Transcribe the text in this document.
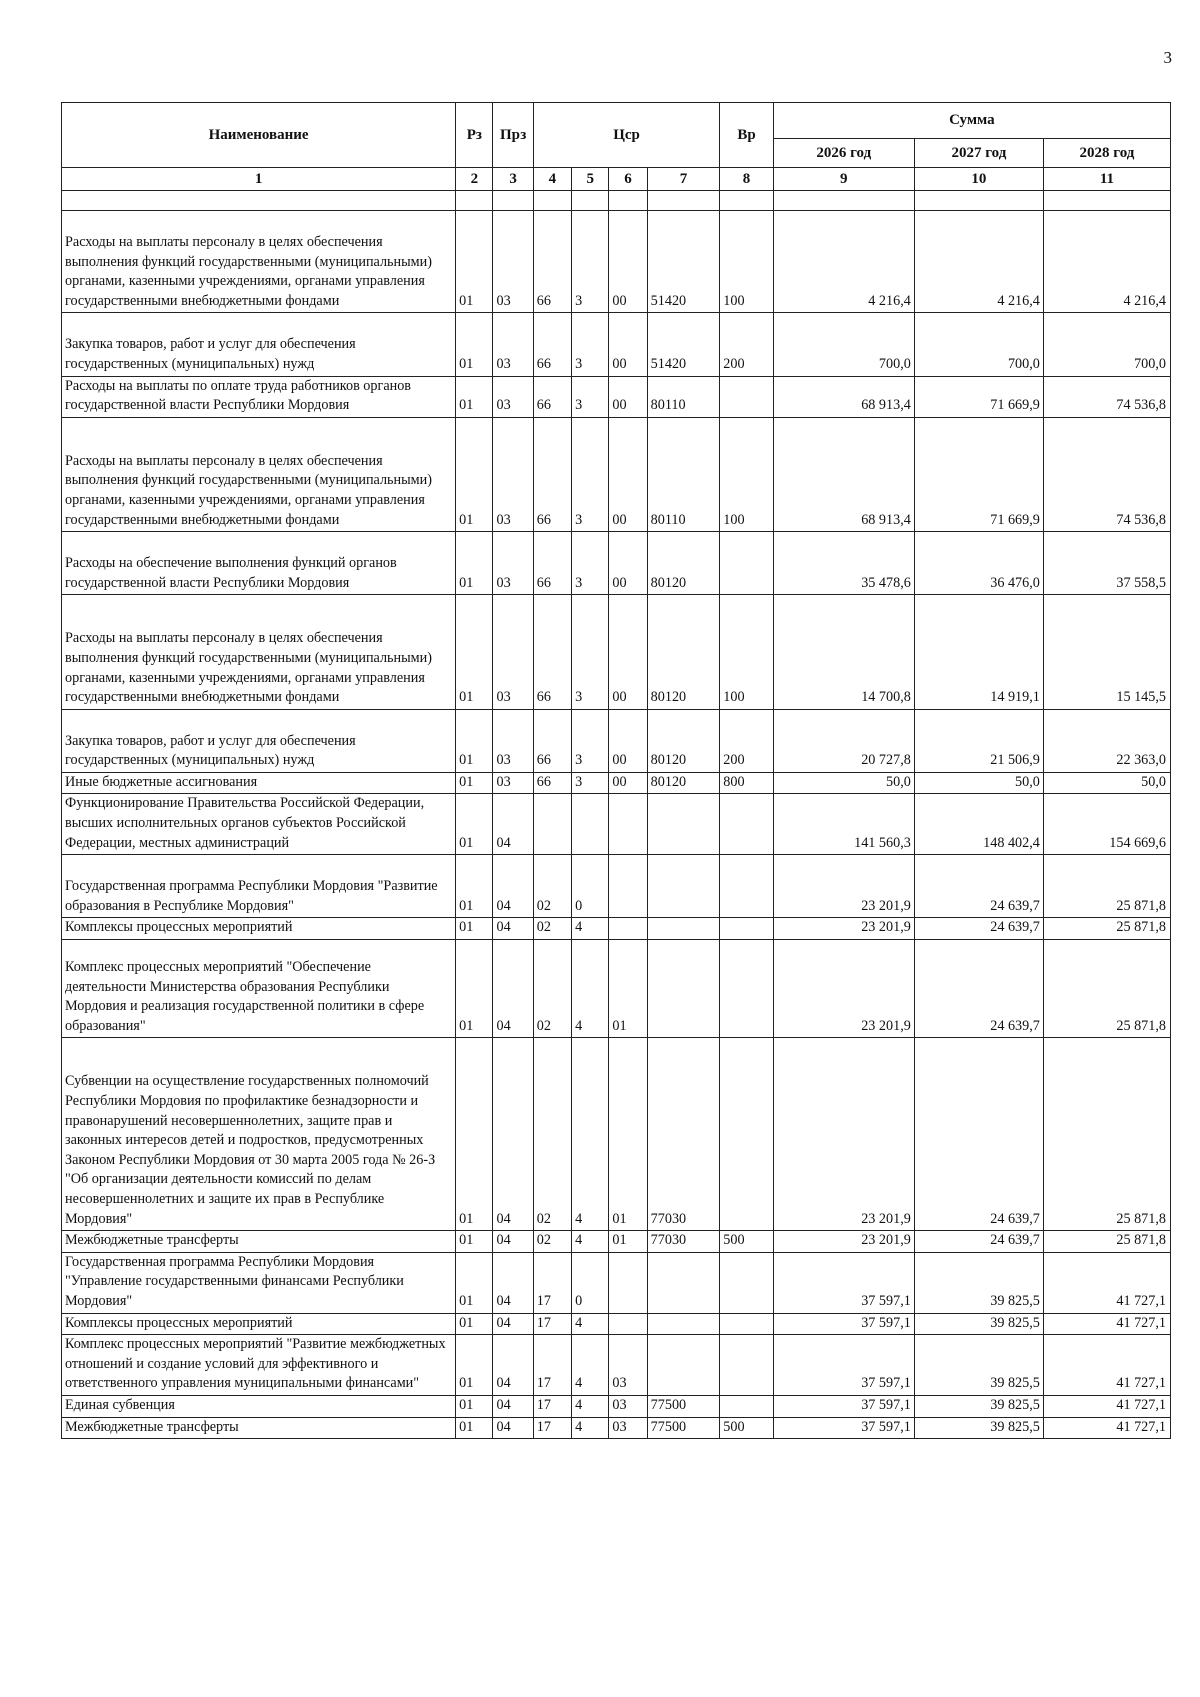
3
Наименование	Рз	Прз	Цср				Вр	Сумма		
								2026 год	2027 год	2028 год
1	2	3	4	5	6	7	8	9	10	11

Расходы на выплаты персоналу в целях обеспечения выполнения функций государственными (муниципальными) органами, казенными учреждениями, органами управления государственными внебюджетными фондами	01	03	66	3	00	51420	100	4 216,4	4 216,4	4 216,4
Закупка товаров, работ и услуг для обеспечения государственных (муниципальных) нужд	01	03	66	3	00	51420	200	700,0	700,0	700,0
Расходы на выплаты по оплате труда работников органов государственной власти Республики Мордовия	01	03	66	3	00	80110		68 913,4	71 669,9	74 536,8
Расходы на выплаты персоналу в целях обеспечения выполнения функций государственными (муниципальными) органами, казенными учреждениями, органами управления государственными внебюджетными фондами	01	03	66	3	00	80110	100	68 913,4	71 669,9	74 536,8
Расходы на обеспечение выполнения функций органов государственной власти Республики Мордовия	01	03	66	3	00	80120		35 478,6	36 476,0	37 558,5
Расходы на выплаты персоналу в целях обеспечения выполнения функций государственными (муниципальными) органами, казенными учреждениями, органами управления государственными внебюджетными фондами	01	03	66	3	00	80120	100	14 700,8	14 919,1	15 145,5
Закупка товаров, работ и услуг для обеспечения государственных (муниципальных) нужд	01	03	66	3	00	80120	200	20 727,8	21 506,9	22 363,0
Иные бюджетные ассигнования	01	03	66	3	00	80120	800	50,0	50,0	50,0
Функционирование Правительства Российской Федерации, высших исполнительных органов субъектов Российской Федерации, местных администраций	01	04						141 560,3	148 402,4	154 669,6
Государственная программа Республики Мордовия "Развитие образования в Республике Мордовия"	01	04	02	0				23 201,9	24 639,7	25 871,8
Комплексы процессных мероприятий	01	04	02	4				23 201,9	24 639,7	25 871,8
Комплекс процессных мероприятий "Обеспечение деятельности Министерства образования Республики Мордовия и реализация государственной политики в сфере образования"	01	04	02	4	01			23 201,9	24 639,7	25 871,8
Субвенции на осуществление государственных полномочий Республики Мордовия по профилактике безнадзорности и правонарушений несовершеннолетних, защите прав и законных интересов детей и подростков, предусмотренных Законом Республики Мордовия от 30 марта 2005 года № 26-З "Об организации деятельности комиссий по делам несовершеннолетних и защите их прав в Республике Мордовия"	01	04	02	4	01	77030		23 201,9	24 639,7	25 871,8
Межбюджетные трансферты	01	04	02	4	01	77030	500	23 201,9	24 639,7	25 871,8
Государственная программа Республики Мордовия "Управление государственными финансами Республики Мордовия"	01	04	17	0				37 597,1	39 825,5	41 727,1
Комплексы процессных мероприятий	01	04	17	4				37 597,1	39 825,5	41 727,1
Комплекс процессных мероприятий "Развитие межбюджетных отношений и создание условий для эффективного и ответственного управления муниципальными финансами"	01	04	17	4	03			37 597,1	39 825,5	41 727,1
Единая субвенция	01	04	17	4	03	77500		37 597,1	39 825,5	41 727,1
Межбюджетные трансферты	01	04	17	4	03	77500	500	37 597,1	39 825,5	41 727,1
